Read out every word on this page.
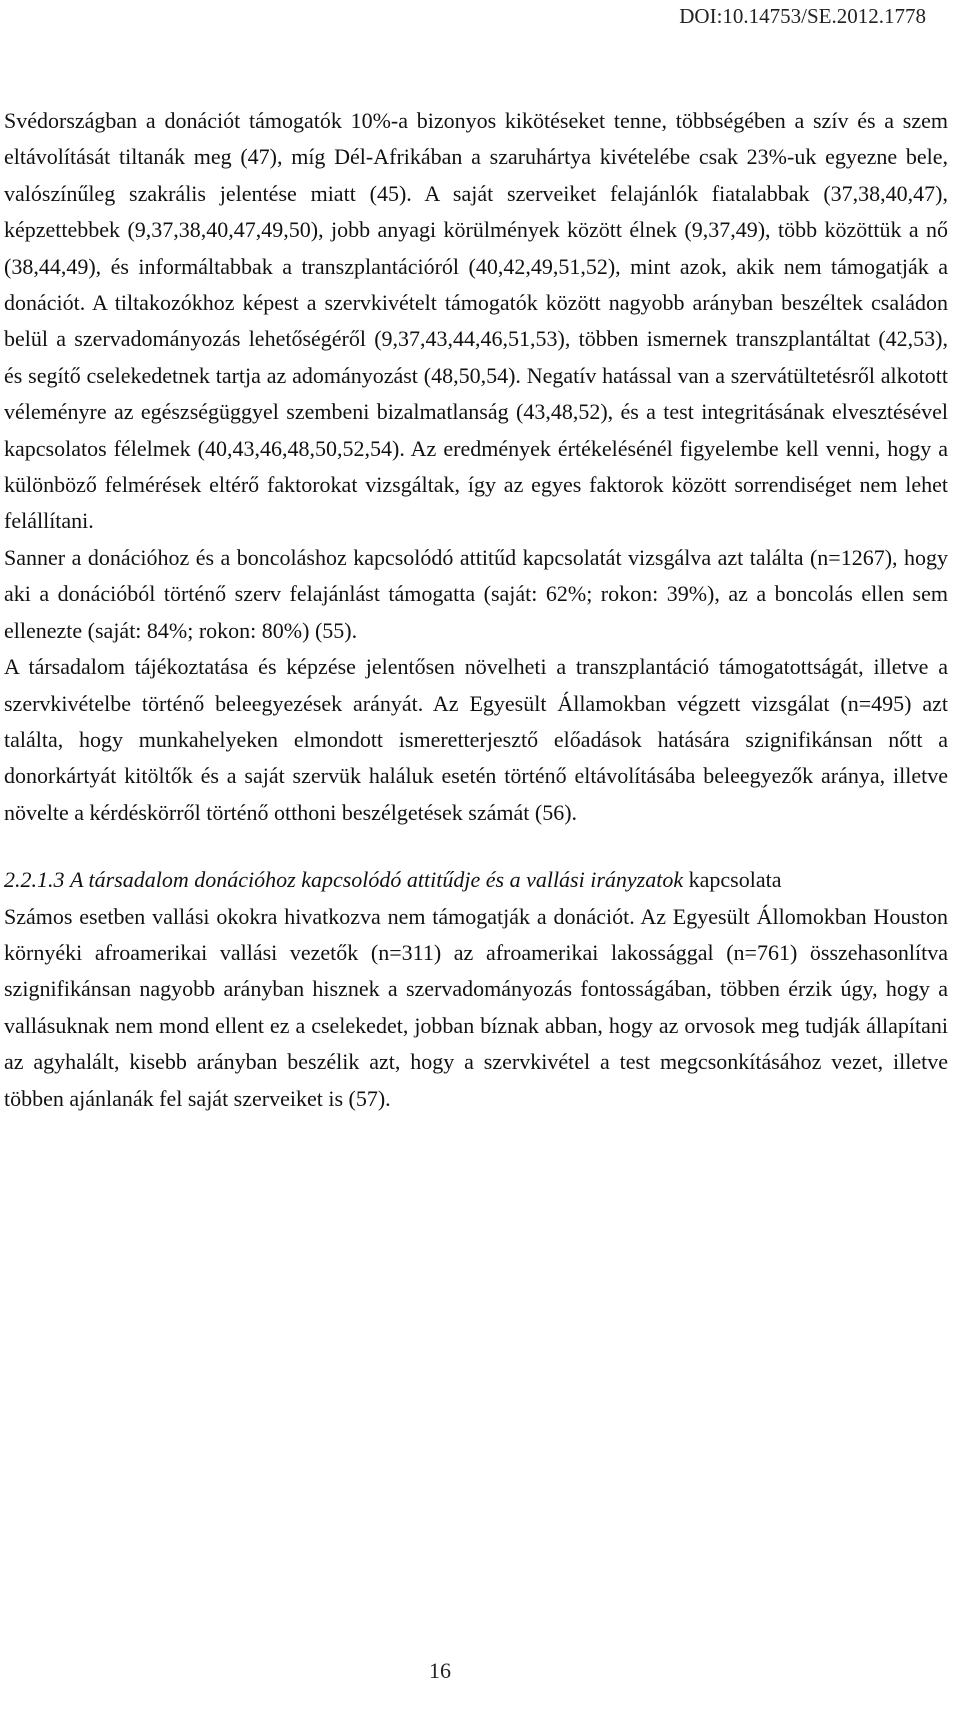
DOI:10.14753/SE.2012.1778

Svédországban a donációt támogatók 10%-a bizonyos kikötéseket tenne, többségében a szív és a szem eltávolítását tiltanák meg (47), míg Dél-Afrikában a szaruhártya kivételébe csak 23%-uk egyezne bele, valószínűleg szakrális jelentése miatt (45). A saját szerveiket felajánlók fiatalabbak (37,38,40,47), képzettebbek (9,37,38,40,47,49,50), jobb anyagi körülmények között élnek (9,37,49), több közöttük a nő (38,44,49), és informáltabbak a transzplantációról (40,42,49,51,52), mint azok, akik nem támogatják a donációt. A tiltakozókhoz képest a szervkivételt támogatók között nagyobb arányban beszéltek családon belül a szervadományozás lehetőségéről (9,37,43,44,46,51,53), többen ismernek transzplantáltat (42,53), és segítő cselekedetnek tartja az adományozást (48,50,54). Negatív hatással van a szervátültetésről alkotott véleményre az egészségüggyel szembeni bizalmatlanság (43,48,52), és a test integritásának elvesztésével kapcsolatos félelmek (40,43,46,48,50,52,54). Az eredmények értékelésénél figyelembe kell venni, hogy a különböző felmérések eltérő faktorokat vizsgáltak, így az egyes faktorok között sorrendiséget nem lehet felállítani.

Sanner a donációhoz és a boncoláshoz kapcsolódó attitűd kapcsolatát vizsgálva azt találta (n=1267), hogy aki a donációból történő szerv felajánlást támogatta (saját: 62%; rokon: 39%), az a boncolás ellen sem ellenezte (saját: 84%; rokon: 80%) (55).

A társadalom tájékoztatása és képzése jelentősen növelheti a transzplantáció támogatottságát, illetve a szervkivételbe történő beleegyezések arányát. Az Egyesült Államokban végzett vizsgálat (n=495) azt találta, hogy munkahelyeken elmondott ismeretterjesztő előadások hatására szignifikánsan nőtt a donorkártyát kitöltők és a saját szervük haláluk esetén történő eltávolításába beleegyezők aránya, illetve növelte a kérdéskörről történő otthoni beszélgetések számát (56).

2.2.1.3 A társadalom donációhoz kapcsolódó attitűdje és a vallási irányzatok kapcsolata

Számos esetben vallási okokra hivatkozva nem támogatják a donációt. Az Egyesült Állomokban Houston környéki afroamerikai vallási vezetők (n=311) az afroamerikai lakossággal (n=761) összehasonlítva szignifikánsan nagyobb arányban hisznek a szervadományozás fontosságában, többen érzik úgy, hogy a vallásuknak nem mond ellent ez a cselekedet, jobban bíznak abban, hogy az orvosok meg tudják állapítani az agyhalált, kisebb arányban beszélik azt, hogy a szervkivétel a test megcsonkításához vezet, illetve többen ajánlanák fel saját szerveiket is (57).

16
